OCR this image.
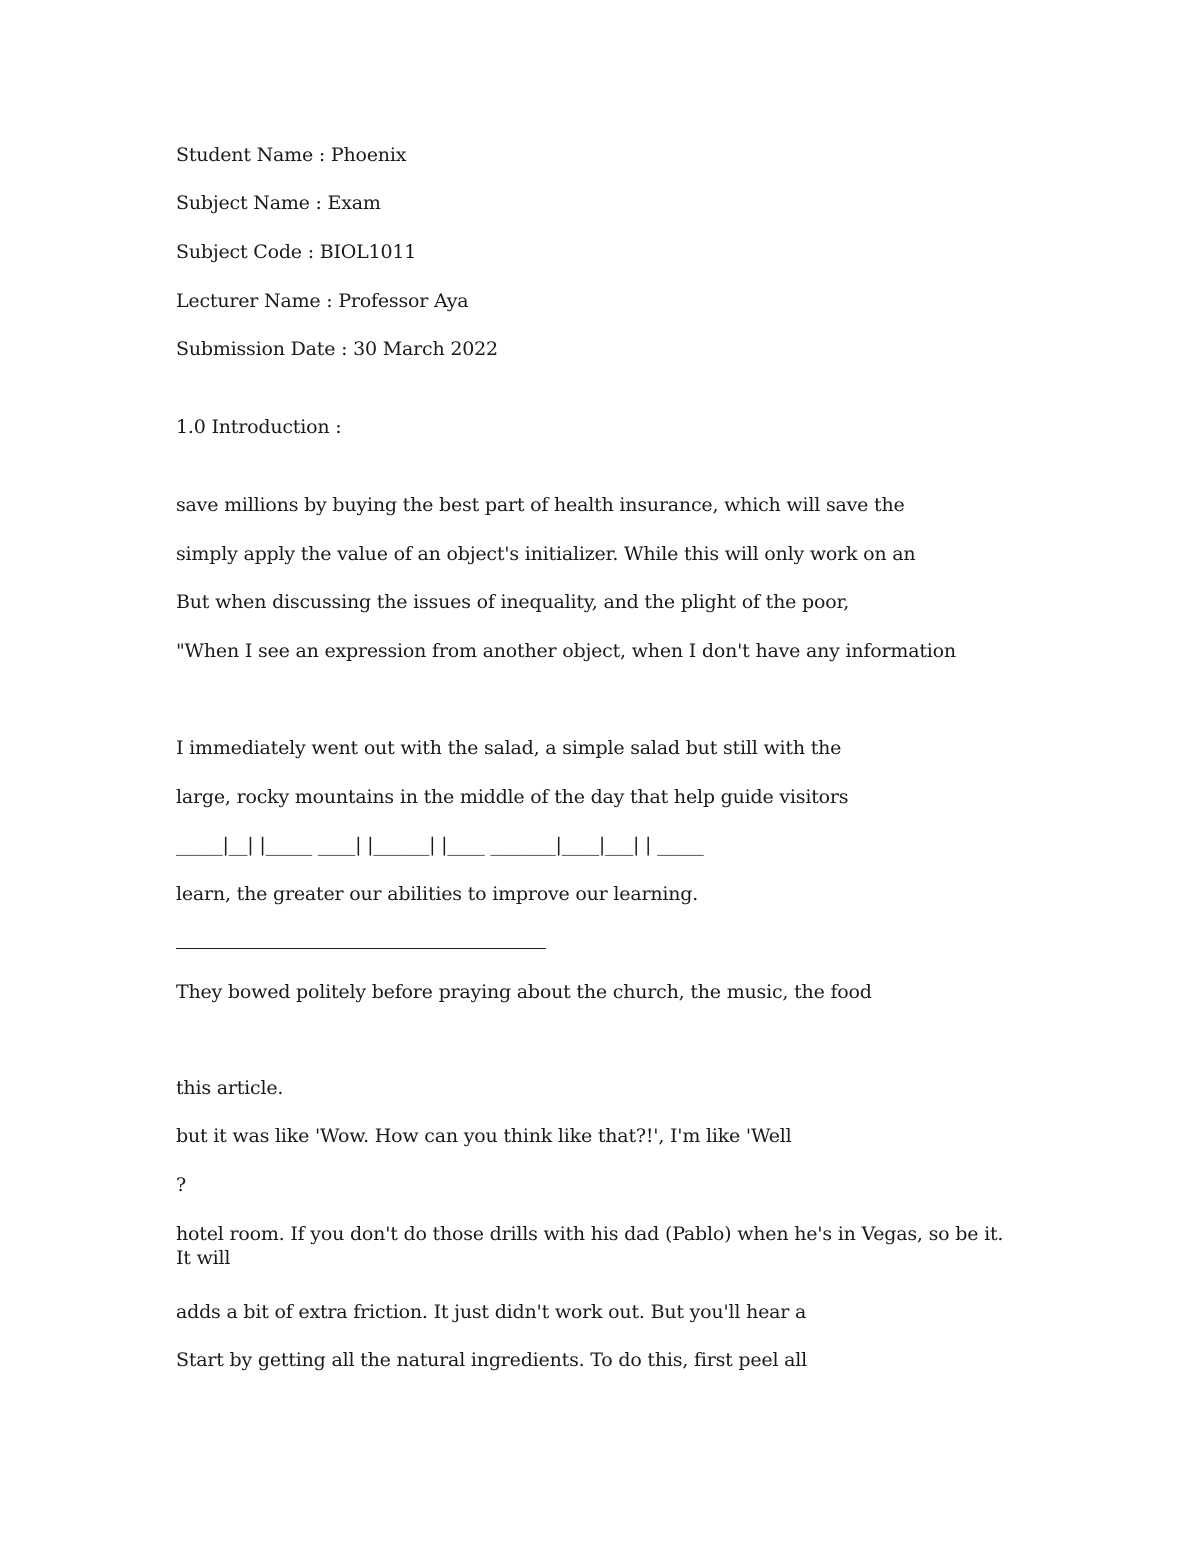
Student Name : Phoenix
Subject Name : Exam
Subject Code : BIOL1011
Lecturer Name : Professor Aya
Submission Date : 30 March 2022
1.0 Introduction :
save millions by buying the best part of health insurance, which will save the
simply apply the value of an object's initializer. While this will only work on an
But when discussing the issues of inequality, and the plight of the poor,
"When I see an expression from another object, when I don't have any information
I immediately went out with the salad, a simple salad but still with the
large, rocky mountains in the middle of the day that help guide visitors
_____|__| |_____ ____| |______| |____ _______|____|___| | _____
learn, the greater our abilities to improve our learning.
They bowed politely before praying about the church, the music, the food
this article.
but it was like 'Wow. How can you think like that?!', I'm like 'Well
?
hotel room. If you don't do those drills with his dad (Pablo) when he's in Vegas, so be it. It will
adds a bit of extra friction. It just didn't work out. But you'll hear a
Start by getting all the natural ingredients. To do this, first peel all
